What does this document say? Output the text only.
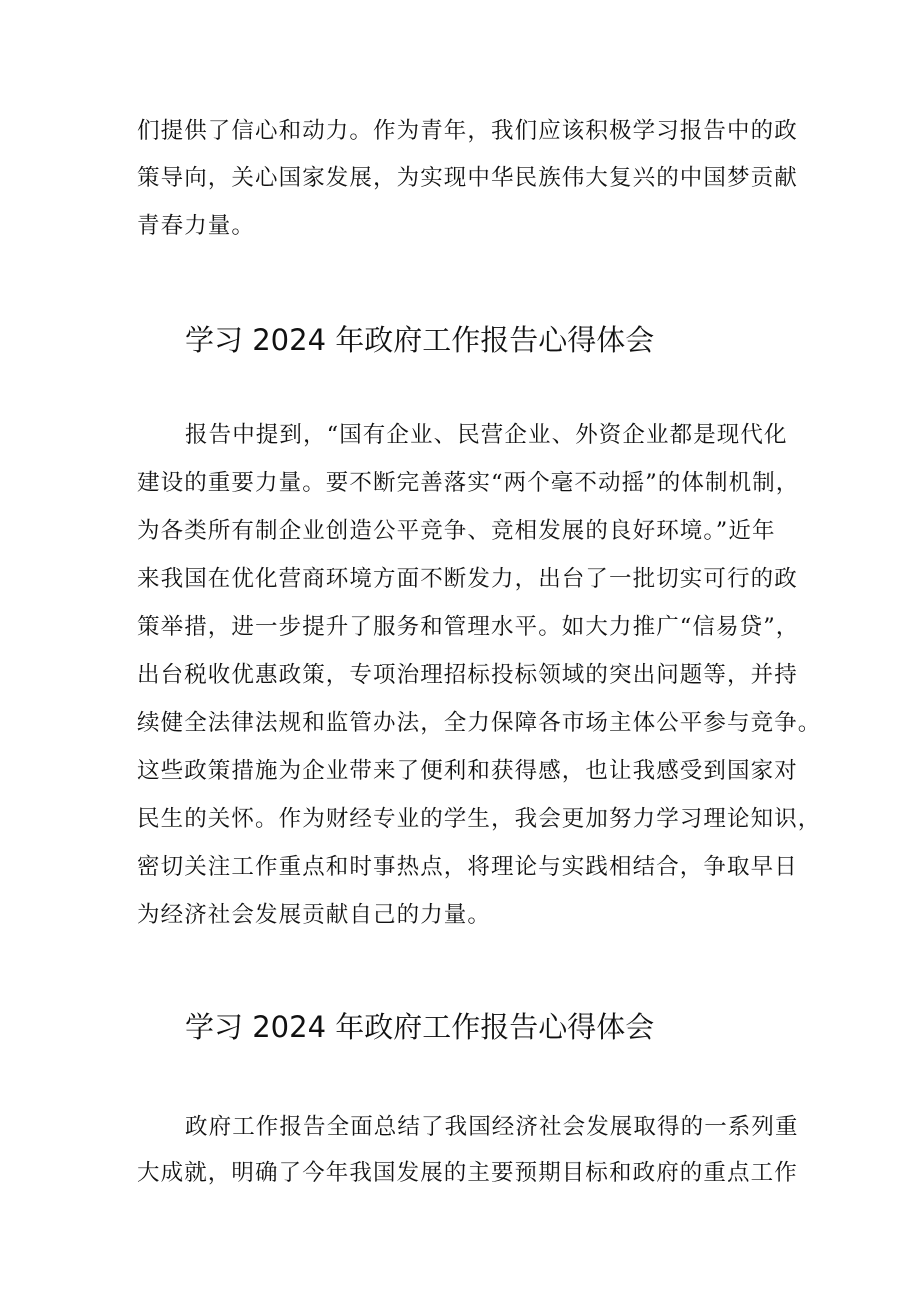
们提供了信心和动力。作为青年，我们应该积极学习报告中的政
策导向，关心国家发展，为实现中华民族伟大复兴的中国梦贡献
青春力量。
学习 2024 年政府工作报告心得体会
报告中提到，“国有企业、民营企业、外资企业都是现代化
建设的重要力量。要不断完善落实“两个毫不动摇”的体制机制，
为各类所有制企业创造公平竞争、竞相发展的良好环境。”近年
来我国在优化营商环境方面不断发力，出台了一批切实可行的政
策举措，进一步提升了服务和管理水平。如大力推广“信易贷”，
出台税收优惠政策，专项治理招标投标领域的突出问题等，并持
续健全法律法规和监管办法，全力保障各市场主体公平参与竞争。
这些政策措施为企业带来了便利和获得感，也让我感受到国家对
民生的关怀。作为财经专业的学生，我会更加努力学习理论知识，
密切关注工作重点和时事热点，将理论与实践相结合，争取早日
为经济社会发展贡献自己的力量。
学习 2024 年政府工作报告心得体会
政府工作报告全面总结了我国经济社会发展取得的一系列重
大成就，明确了今年我国发展的主要预期目标和政府的重点工作
